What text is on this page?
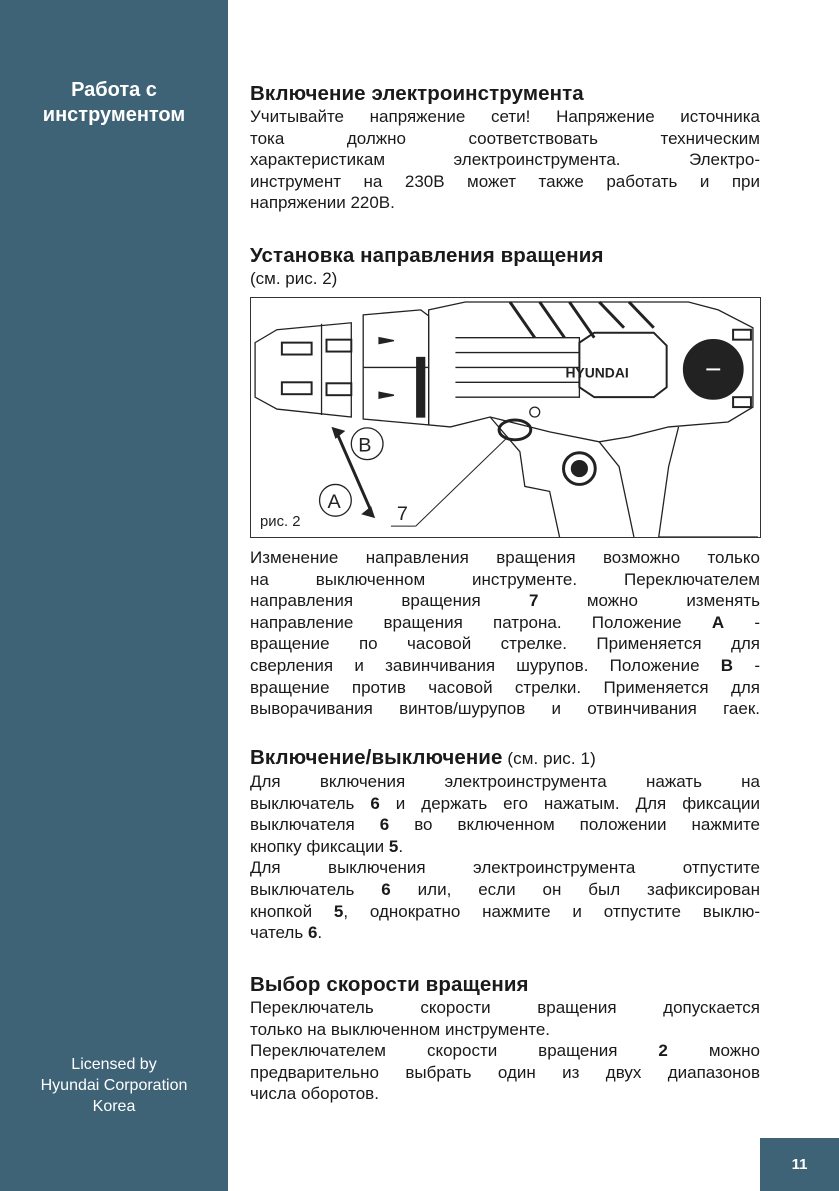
Работа с
инструментом
Licensed by
Hyundai Corporation
Korea
11
Включение электроинструмента
Учитывайте напряжение сети! Напряжение источника
тока должно соответствовать техническим
характеристикам электроинструмента. Электро-
инструмент на 230В может также работать и при
напряжении 220В.
Установка направления вращения
(см. рис. 2)
HYUNDAI
B
A
7
рис. 2
Изменение направления вращения возможно только
на выключенном инструменте. Переключателем
направления вращения 7 можно изменять
направление вращения патрона. Положение А -
вращение по часовой стрелке. Применяется для
сверления и завинчивания шурупов. Положение В -
вращение против часовой стрелки. Применяется для
выворачивания винтов/шурупов и отвинчивания гаек.
Включение/выключение (см. рис. 1)
Для включения электроинструмента нажать на
выключатель 6 и держать его нажатым. Для фиксации
выключателя 6 во включенном положении нажмите
кнопку фиксации 5.
Для выключения электроинструмента отпустите
выключатель 6 или, если он был зафиксирован
кнопкой 5, однократно нажмите и отпустите выклю-
чатель 6.
Выбор скорости вращения
Переключатель скорости вращения допускается
только на выключенном инструменте.
Переключателем скорости вращения 2 можно
предварительно выбрать один из двух диапазонов
числа оборотов.
